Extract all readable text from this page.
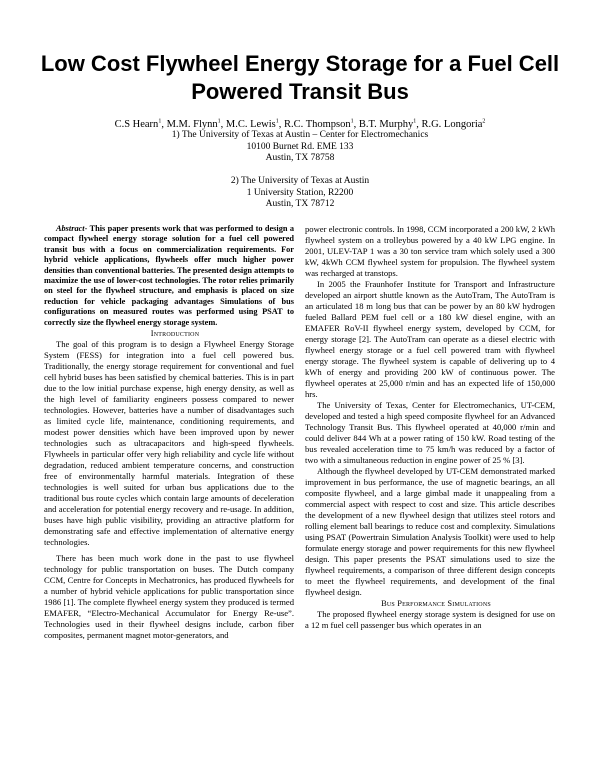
Low Cost Flywheel Energy Storage for a Fuel Cell Powered Transit Bus
C.S Hearn$^1$, M.M. Flynn$^1$, M.C. Lewis$^1$, R.C. Thompson$^1$, B.T. Murphy$^1$, R.G. Longoria$^2$
1) The University of Texas at Austin – Center for Electromechanics
10100 Burnet Rd. EME 133
Austin, TX 78758
2) The University of Texas at Austin
1 University Station, R2200
Austin, TX 78712

Abstract- This paper presents work that was performed to design a compact flywheel energy storage solution for a fuel cell powered transit bus with a focus on commercialization requirements. For hybrid vehicle applications, flywheels offer much higher power densities than conventional batteries. The presented design attempts to maximize the use of lower-cost technologies. The rotor relies primarily on steel for the flywheel structure, and emphasis is placed on size reduction for vehicle packaging advantages Simulations of bus configurations on measured routes was performed using PSAT to correctly size the flywheel energy storage system.

Introduction

The goal of this program is to design a Flywheel Energy Storage System (FESS) for integration into a fuel cell powered bus. Traditionally, the energy storage requirement for conventional and fuel cell hybrid buses has been satisfied by chemical batteries. This is in part due to the low initial purchase expense, high energy density, as well as the high level of familiarity engineers possess compared to newer technologies. However, batteries have a number of disadvantages such as limited cycle life, maintenance, conditioning requirements, and modest power densities which have been improved upon by newer technologies such as ultracapacitors and high-speed flywheels. Flywheels in particular offer very high reliability and cycle life without degradation, reduced ambient temperature concerns, and construction free of environmentally harmful materials. Integration of these technologies is well suited for urban bus applications due to the traditional bus route cycles which contain large amounts of deceleration and acceleration for potential energy recovery and re-usage. In addition, buses have high public visibility, providing an attractive platform for demonstrating safe and effective implementation of alternative energy technologies.

There has been much work done in the past to use flywheel technology for public transportation on buses. The Dutch company CCM, Centre for Concepts in Mechatronics, has produced flywheels for a number of hybrid vehicle applications for public transportation since 1986 [1]. The complete flywheel energy system they produced is termed EMAFER, “Electro-Mechanical Accumulator for Energy Re-use”. Technologies used in their flywheel designs include, carbon fiber composites, permanent magnet motor-generators, and

power electronic controls. In 1998, CCM incorporated a 200 kW, 2 kWh flywheel system on a trolleybus powered by a 40 kW LPG engine. In 2001, ULEV-TAP 1 was a 30 ton service tram which solely used a 300 kW, 4kWh CCM flywheel system for propulsion. The flywheel system was recharged at transtops.

In 2005 the Fraunhofer Institute for Transport and Infrastructure developed an airport shuttle known as the AutoTram, The AutoTram is an articulated 18 m long bus that can be power by an 80 kW hydrogen fueled Ballard PEM fuel cell or a 180 kW diesel engine, with an EMAFER RoV-II flywheel energy system, developed by CCM, for energy storage [2]. The AutoTram can operate as a diesel electric with flywheel energy storage or a fuel cell powered tram with flywheel energy storage. The flywheel system is capable of delivering up to 4 kWh of energy and providing 200 kW of continuous power. The flywheel operates at 25,000 r/min and has an expected life of 150,000 hrs.

The University of Texas, Center for Electromechanics, UT-CEM, developed and tested a high speed composite flywheel for an Advanced Technology Transit Bus. This flywheel operated at 40,000 r/min and could deliver 844 Wh at a power rating of 150 kW. Road testing of the bus revealed acceleration time to 75 km/h was reduced by a factor of two with a simultaneous reduction in engine power of 25 % [3].

Although the flywheel developed by UT-CEM demonstrated marked improvement in bus performance, the use of magnetic bearings, an all composite flywheel, and a large gimbal made it unappealing from a commercial aspect with respect to cost and size. This article describes the development of a new flywheel design that utilizes steel rotors and rolling element ball bearings to reduce cost and complexity. Simulations using PSAT (Powertrain Simulation Analysis Toolkit) were used to help formulate energy storage and power requirements for this new flywheel design. This paper presents the PSAT simulations used to size the flywheel requirements, a comparison of three different design concepts to meet the flywheel requirements, and development of the final flywheel design.

Bus Performance Simulations

The proposed flywheel energy storage system is designed for use on a 12 m fuel cell passenger bus which operates in an
